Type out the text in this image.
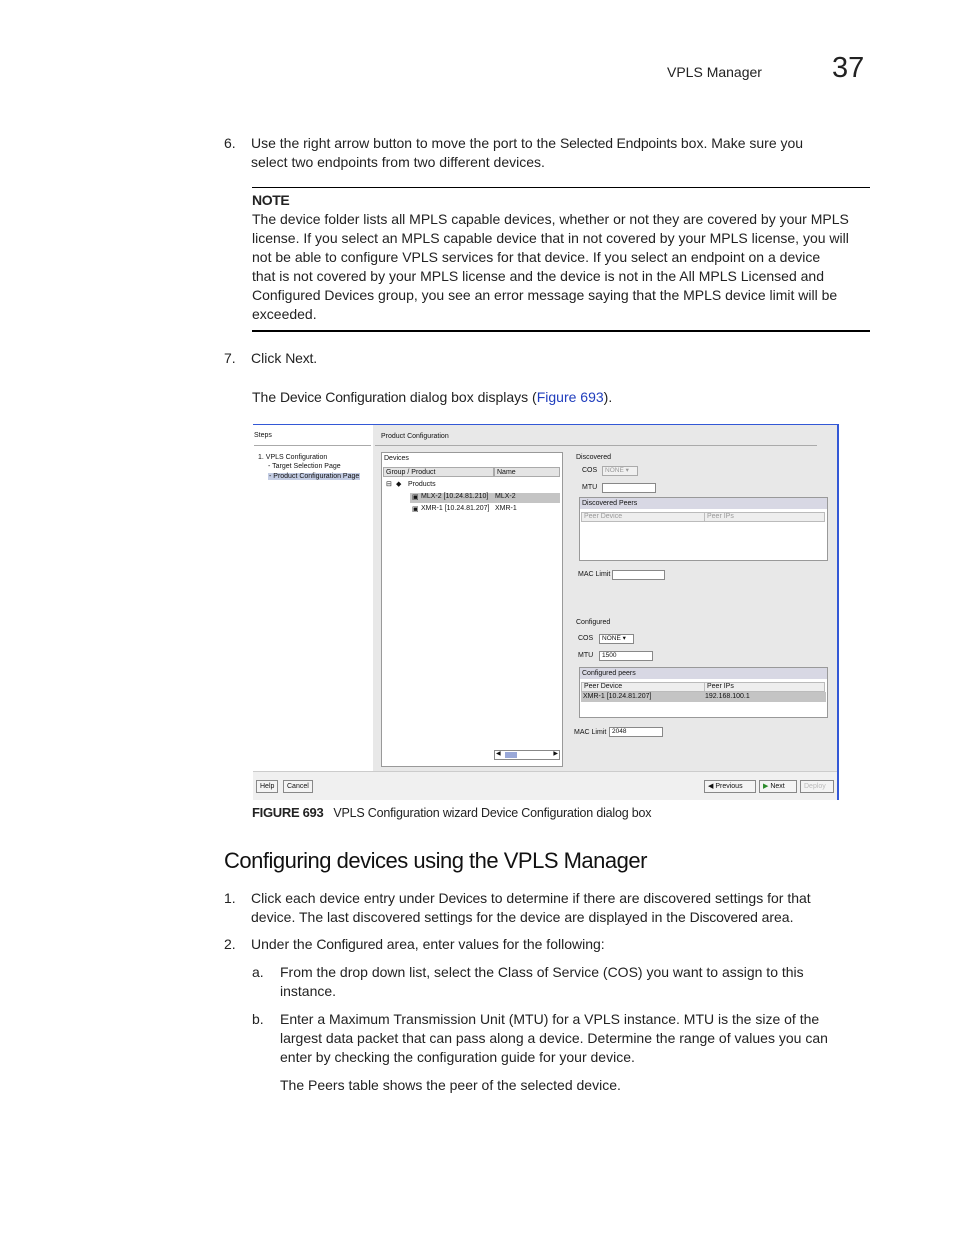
VPLS Manager 37
6. Use the right arrow button to move the port to the Selected Endpoints box. Make sure you
select two endpoints from two different devices.
NOTE
The device folder lists all MPLS capable devices, whether or not they are covered by your MPLS
license. If you select an MPLS capable device that in not covered by your MPLS license, you will
not be able to configure VPLS services for that device. If you select an endpoint on a device
that is not covered by your MPLS license and the device is not in the All MPLS Licensed and
Configured Devices group, you see an error message saying that the MPLS device limit will be
exceeded.
7. Click Next.
The Device Configuration dialog box displays (Figure 693).
Steps
1. VPLS Configuration
- Target Selection Page
- Product Configuration Page
Product Configuration
Devices
Group / Product	Name
⊟ ◆ Products
▣ MLX-2 [10.24.81.210] MLX-2
▣ XMR-1 [10.24.81.207] XMR-1
◀	▶
Discovered
COS	NONE ▾
MTU
Discovered Peers
Peer Device	Peer IPs
MAC Limit
Configured
COS	NONE ▾
MTU	1500
Configured peers
Peer Device	Peer IPs
XMR-1 [10.24.81.207]	192.168.100.1
MAC Limit 2048
Help	Cancel	◀ Previous	▶ Next	Deploy
FIGURE 693 VPLS Configuration wizard Device Configuration dialog box
Configuring devices using the VPLS Manager
1. Click each device entry under Devices to determine if there are discovered settings for that
device. The last discovered settings for the device are displayed in the Discovered area.
2. Under the Configured area, enter values for the following:
a. From the drop down list, select the Class of Service (COS) you want to assign to this
instance.
b. Enter a Maximum Transmission Unit (MTU) for a VPLS instance. MTU is the size of the
largest data packet that can pass along a device. Determine the range of values you can
enter by checking the configuration guide for your device.
The Peers table shows the peer of the selected device.
